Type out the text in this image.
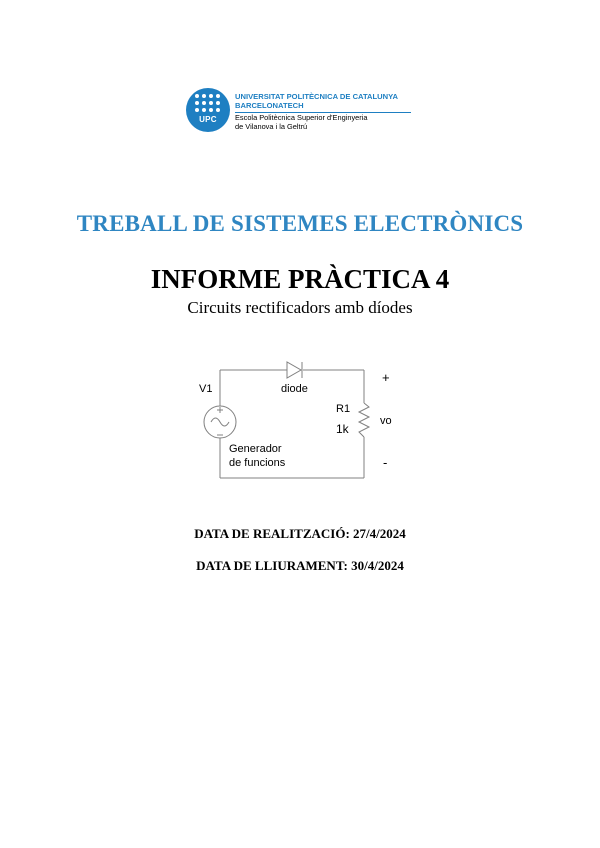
UPC
UNIVERSITAT POLITÈCNICA DE CATALUNYA
BARCELONATECH
Escola Politècnica Superior d'Enginyeria
de Vilanova i la Geltrú
TREBALL DE SISTEMES ELECTRÒNICS
INFORME PRÀCTICA 4
Circuits rectificadors amb díodes
V1	diode
R1
1k
vo
+
-
Generador
de funcions
DATA DE REALITZACIÓ: 27/4/2024
DATA DE LLIURAMENT: 30/4/2024
